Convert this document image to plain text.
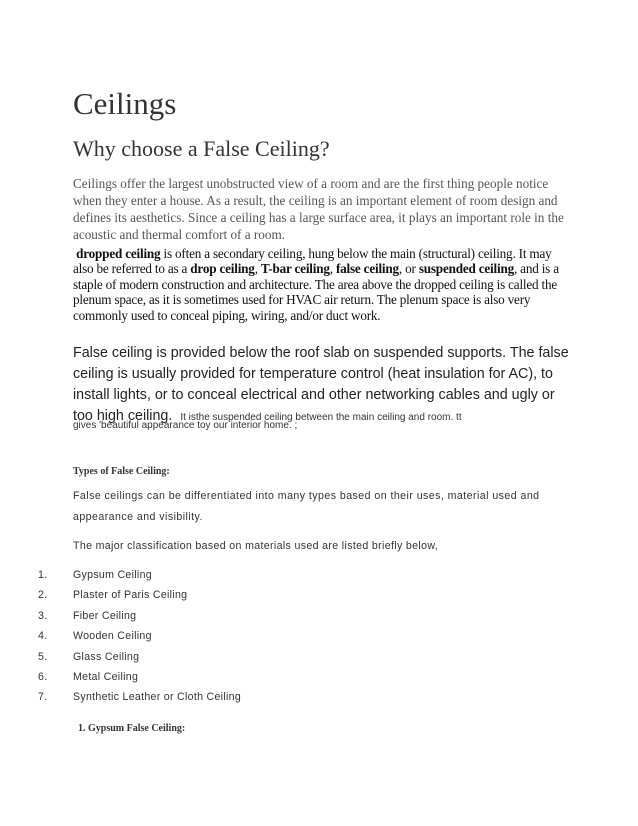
Ceilings
Why choose a False Ceiling?

Ceilings offer the largest unobstructed view of a room and are the first thing people notice when they enter a house. As a result, the ceiling is an important element of room design and defines its aesthetics. Since a ceiling has a large surface area, it plays an important role in the acoustic and thermal comfort of a room.

dropped ceiling is often a secondary ceiling, hung below the main (structural) ceiling. It may also be referred to as a drop ceiling, T-bar ceiling, false ceiling, or suspended ceiling, and is a staple of modern construction and architecture. The area above the dropped ceiling is called the plenum space, as it is sometimes used for HVAC air return. The plenum space is also very commonly used to conceal piping, wiring, and/or duct work.

False ceiling is provided below the roof slab on suspended supports. The false ceiling is usually provided for temperature control (heat insulation for AC), to install lights, or to conceal electrical and other networking cables and ugly or too high ceiling. It isthe suspended ceiling between the main ceiling and room. tt

gives 'beautiful appearance toy our interior home. ;

Types of False Ceiling:

False ceilings can be differentiated into many types based on their uses, material used and appearance and visibility.

The major classification based on materials used are listed briefly below,

1.	Gypsum Ceiling
2.	Plaster of Paris Ceiling
3.	Fiber Ceiling
4.	Wooden Ceiling
5.	Glass Ceiling
6.	Metal Ceiling
7.	Synthetic Leather or Cloth Ceiling
1. Gypsum False Ceiling:
